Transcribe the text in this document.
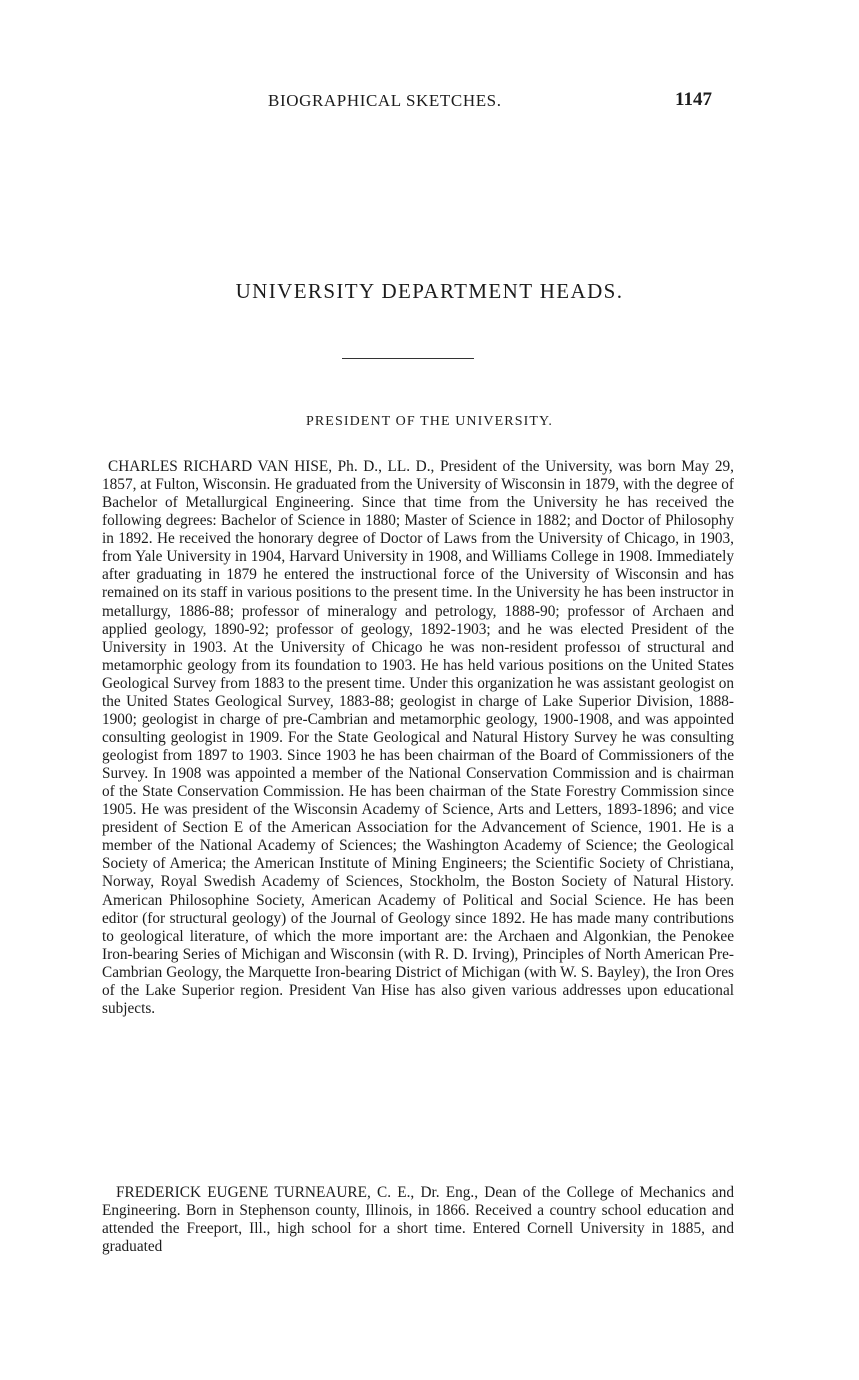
BIOGRAPHICAL SKETCHES.	1147
UNIVERSITY DEPARTMENT HEADS.
PRESIDENT OF THE UNIVERSITY.

CHARLES RICHARD VAN HISE, Ph. D., LL. D., President of the University, was born May 29, 1857, at Fulton, Wisconsin. He graduated from the University of Wisconsin in 1879, with the degree of Bachelor of Metallurgical Engineering. Since that time from the University he has received the following degrees: Bachelor of Science in 1880; Master of Science in 1882; and Doctor of Philosophy in 1892. He received the honorary degree of Doctor of Laws from the University of Chicago, in 1903, from Yale University in 1904, Harvard University in 1908, and Williams College in 1908. Immediately after graduating in 1879 he entered the instructional force of the University of Wisconsin and has remained on its staff in various positions to the present time. In the University he has been instructor in metallurgy, 1886-88; professor of mineralogy and petrology, 1888-90; professor of Archaen and applied geology, 1890-92; professor of geology, 1892-1903; and he was elected President of the University in 1903. At the University of Chicago he was non-resident professoı of structural and metamorphic geology from its foundation to 1903. He has held various positions on the United States Geological Survey from 1883 to the present time. Under this organization he was assistant geologist on the United States Geological Survey, 1883-88; geologist in charge of Lake Superior Division, 1888-1900; geologist in charge of pre-Cambrian and metamorphic geology, 1900-1908, and was appointed consulting geologist in 1909. For the State Geological and Natural History Survey he was consulting geologist from 1897 to 1903. Since 1903 he has been chairman of the Board of Commissioners of the Survey. In 1908 was appointed a member of the National Conservation Commission and is chairman of the State Conservation Commission. He has been chairman of the State Forestry Commission since 1905. He was president of the Wisconsin Academy of Science, Arts and Letters, 1893-1896; and vice president of Section E of the American Association for the Advancement of Science, 1901. He is a member of the National Academy of Sciences; the Washington Academy of Science; the Geological Society of America; the American Institute of Mining Engineers; the Scientific Society of Christiana, Norway, Royal Swedish Academy of Sciences, Stockholm, the Boston Society of Natural History. American Philosophine Society, American Academy of Political and Social Science. He has been editor (for structural geology) of the Journal of Geology since 1892. He has made many contributions to geological literature, of which the more important are: the Archaen and Algonkian, the Penokee Iron-bearing Series of Michigan and Wisconsin (with R. D. Irving), Principles of North American Pre-Cambrian Geology, the Marquette Iron-bearing District of Michigan (with W. S. Bayley), the Iron Ores of the Lake Superior region. President Van Hise has also given various addresses upon educational subjects.

FREDERICK EUGENE TURNEAURE, C. E., Dr. Eng., Dean of the College of Mechanics and Engineering. Born in Stephenson county, Illinois, in 1866. Received a country school education and attended the Freeport, Ill., high school for a short time. Entered Cornell University in 1885, and graduated
